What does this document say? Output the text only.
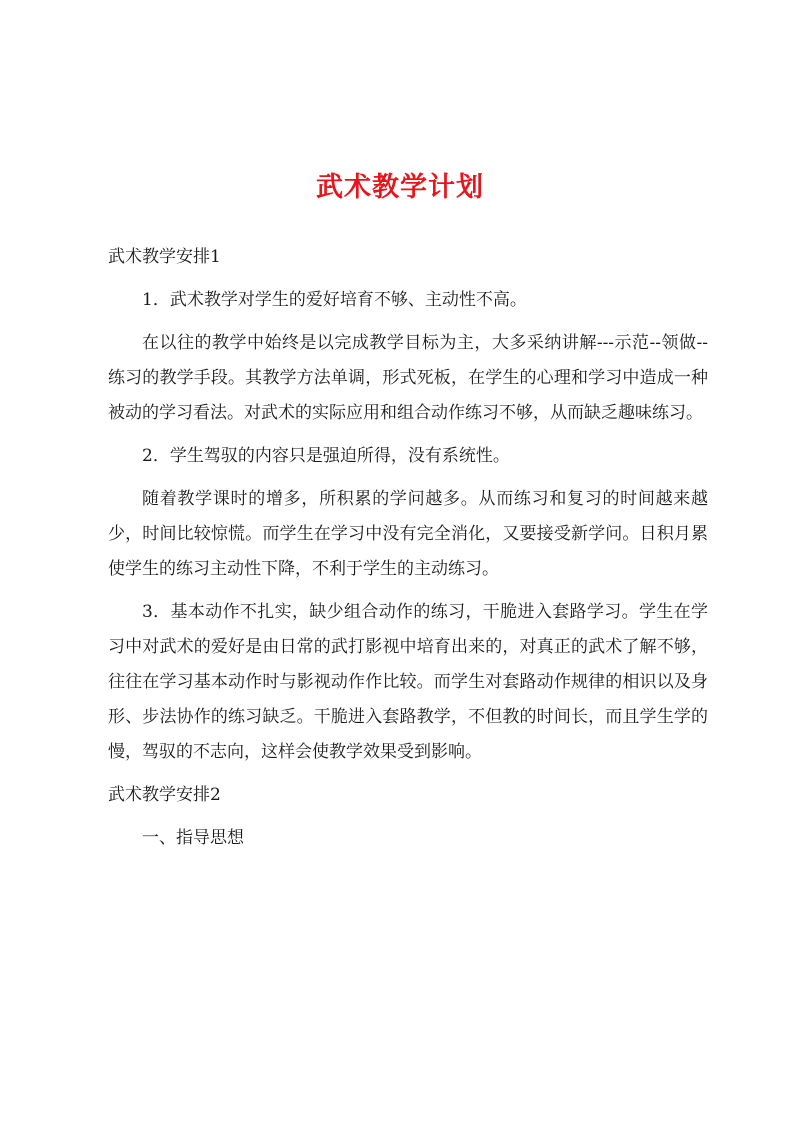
武术教学计划

武术教学安排1

1．武术教学对学生的爱好培育不够、主动性不高。

在以往的教学中始终是以完成教学目标为主，大多采纳讲解---示范--领做--练习的教学手段。其教学方法单调，形式死板，在学生的心理和学习中造成一种被动的学习看法。对武术的实际应用和组合动作练习不够，从而缺乏趣味练习。

2．学生驾驭的内容只是强迫所得，没有系统性。

随着教学课时的增多，所积累的学问越多。从而练习和复习的时间越来越少，时间比较惊慌。而学生在学习中没有完全消化，又要接受新学问。日积月累使学生的练习主动性下降，不利于学生的主动练习。

3．基本动作不扎实，缺少组合动作的练习，干脆进入套路学习。学生在学习中对武术的爱好是由日常的武打影视中培育出来的，对真正的武术了解不够，往往在学习基本动作时与影视动作作比较。而学生对套路动作规律的相识以及身形、步法协作的练习缺乏。干脆进入套路教学，不但教的时间长，而且学生学的慢，驾驭的不志向，这样会使教学效果受到影响。

武术教学安排2

一、指导思想
